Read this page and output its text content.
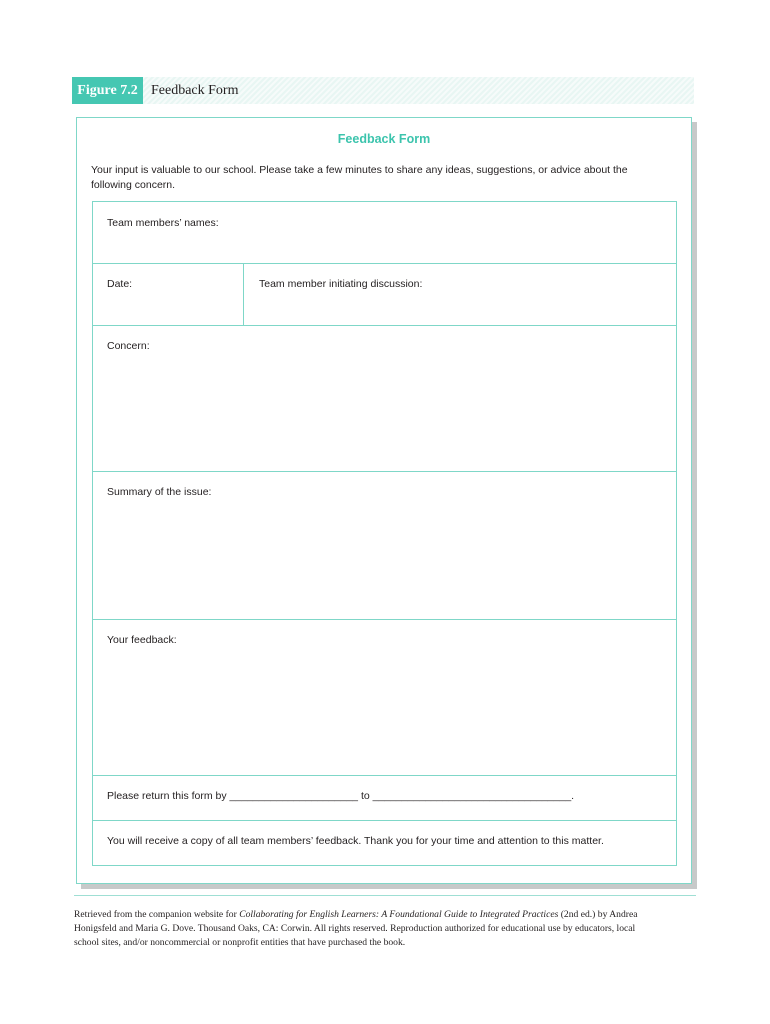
Figure 7.2 Feedback Form
Feedback Form
Your input is valuable to our school. Please take a few minutes to share any ideas, suggestions, or advice about the
following concern.
Team members’ names:
Date:	Team member initiating discussion:
Concern:
Summary of the issue:
Your feedback:
Please return this form by ______________________ to __________________________________.
You will receive a copy of all team members’ feedback. Thank you for your time and attention to this matter.
Retrieved from the companion website for Collaborating for English Learners: A Foundational Guide to Integrated Practices (2nd ed.) by Andrea
Honigsfeld and Maria G. Dove. Thousand Oaks, CA: Corwin. All rights reserved. Reproduction authorized for educational use by educators, local
school sites, and/or noncommercial or nonprofit entities that have purchased the book.
